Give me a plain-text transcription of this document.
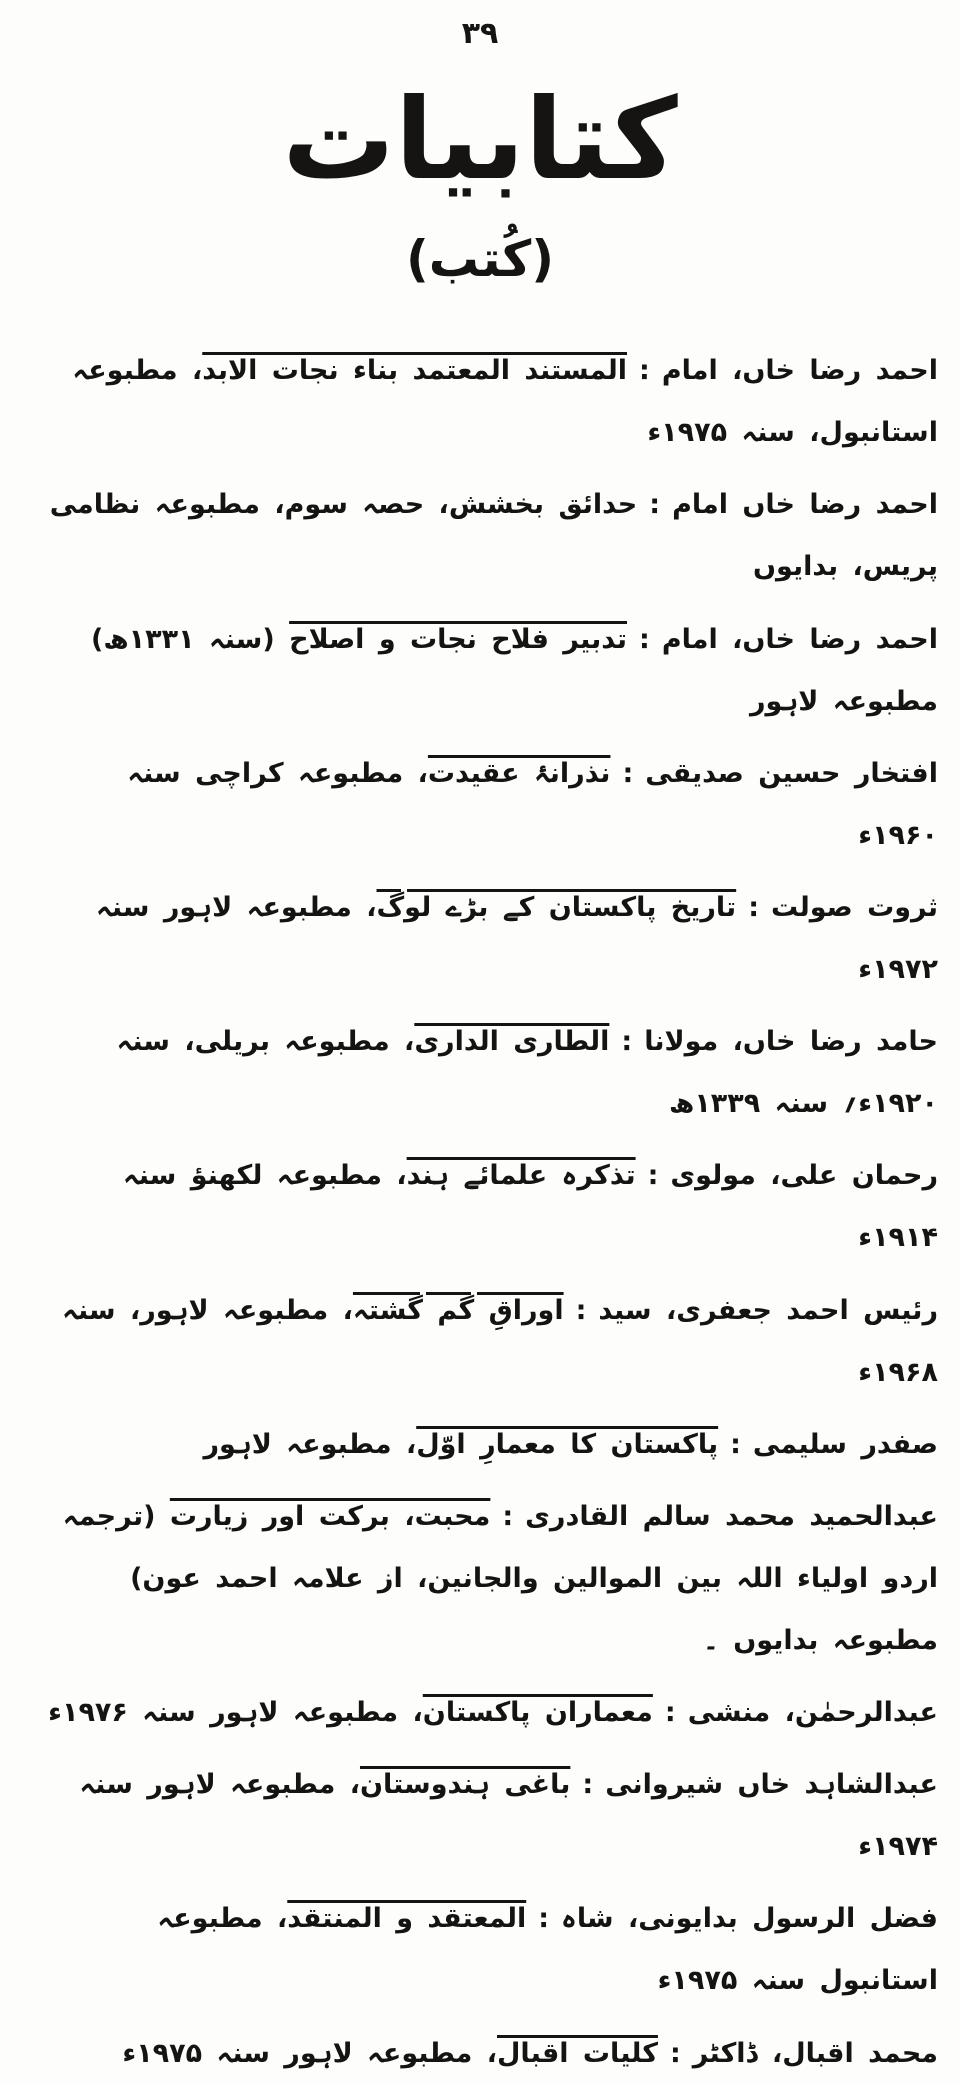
۳۹
کتابیات
(کُتب)
احمد رضا خاں، امام:المستند المعتمد بناء نجات الابد، مطبوعہ استانبول، سنہ ۱۹۷۵ء
احمد رضا خاں امام:حدائق بخشش، حصہ سوم، مطبوعہ نظامی پریس، بدایوں
احمد رضا خاں، امام:تدبیر فلاح نجات و اصلاح (سنہ ۱۳۳۱ھ) مطبوعہ لاہور
افتخار حسین صدیقی:نذرانۂ عقیدت، مطبوعہ کراچی سنہ ۱۹۶۰ء
ثروت صولت:تاریخ پاکستان کے بڑے لوگ، مطبوعہ لاہور سنہ ۱۹۷۲ء
حامد رضا خاں، مولانا:الطاری الداری، مطبوعہ بریلی، سنہ ۱۹۲۰ء؍ سنہ ۱۳۳۹ھ
رحمان علی، مولوی:تذکرہ علمائے ہند، مطبوعہ لکھنؤ سنہ ۱۹۱۴ء
رئیس احمد جعفری، سید:اوراقِ گم گشتہ، مطبوعہ لاہور، سنہ ۱۹۶۸ء
صفدر سلیمی:پاکستان کا معمارِ اوّل، مطبوعہ لاہور
عبدالحمید محمد سالم القادری:محبت، برکت اور زیارت (ترجمہ اردو اولیاء اللہ بین الموالین والجانین، از علامہ احمد عون) مطبوعہ بدایوں ۔
عبدالرحمٰن، منشی:معماران پاکستان، مطبوعہ لاہور سنہ ۱۹۷۶ء
عبدالشاہد خاں شیروانی:باغی ہندوستان، مطبوعہ لاہور سنہ ۱۹۷۴ء
فضل الرسول بدایونی، شاہ:المعتقد و المنتقد، مطبوعہ استانبول سنہ ۱۹۷۵ء
محمد اقبال، ڈاکٹر:کلیات اقبال، مطبوعہ لاہور سنہ ۱۹۷۵ء
